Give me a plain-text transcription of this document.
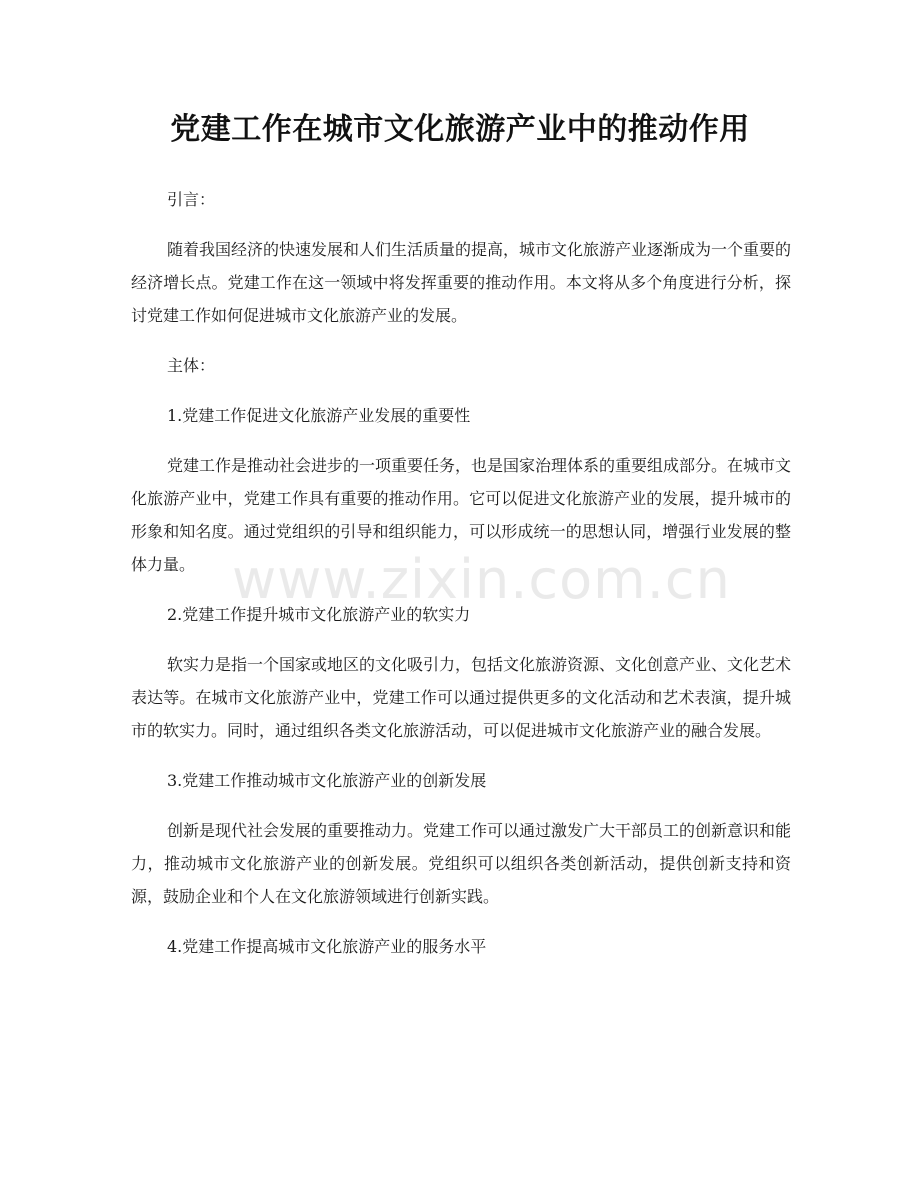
党建工作在城市文化旅游产业中的推动作用
www.zixin.com.cn

引言：

随着我国经济的快速发展和人们生活质量的提高，城市文化旅游产业逐渐成为一个重要的经济增长点。党建工作在这一领域中将发挥重要的推动作用。本文将从多个角度进行分析，探讨党建工作如何促进城市文化旅游产业的发展。

主体：

1.党建工作促进文化旅游产业发展的重要性

党建工作是推动社会进步的一项重要任务，也是国家治理体系的重要组成部分。在城市文化旅游产业中，党建工作具有重要的推动作用。它可以促进文化旅游产业的发展，提升城市的形象和知名度。通过党组织的引导和组织能力，可以形成统一的思想认同，增强行业发展的整体力量。

2.党建工作提升城市文化旅游产业的软实力

软实力是指一个国家或地区的文化吸引力，包括文化旅游资源、文化创意产业、文化艺术表达等。在城市文化旅游产业中，党建工作可以通过提供更多的文化活动和艺术表演，提升城市的软实力。同时，通过组织各类文化旅游活动，可以促进城市文化旅游产业的融合发展。

3.党建工作推动城市文化旅游产业的创新发展

创新是现代社会发展的重要推动力。党建工作可以通过激发广大干部员工的创新意识和能力，推动城市文化旅游产业的创新发展。党组织可以组织各类创新活动，提供创新支持和资源，鼓励企业和个人在文化旅游领域进行创新实践。

4.党建工作提高城市文化旅游产业的服务水平
